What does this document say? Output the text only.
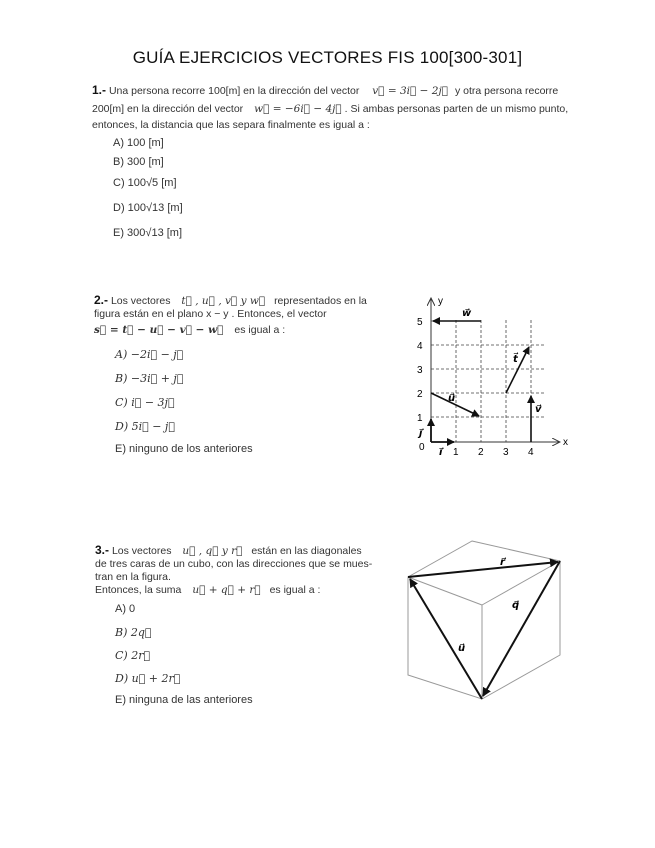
GUÍA EJERCICIOS VECTORES FIS 100[300-301]
1.- Una persona recorre 100[m] en la dirección del vector v⃗ = 3i⃗ − 2j⃗ y otra persona recorre
200[m] en la dirección del vector w⃗ = −6i⃗ − 4j⃗ . Si ambas personas parten de un mismo punto,
entonces, la distancia que las separa finalmente es igual a :
A) 100 [m]
B) 300 [m]
C) 100√5 [m]
D) 100√13 [m]
E) 300√13 [m]
2.- Los vectores t⃗ , u⃗ , v⃗ y w⃗ representados en la
figura están en el plano x − y . Entonces, el vector
s⃗ = t⃗ − u⃗ − v⃗ − w⃗ es igual a :
A) −2i⃗ − j⃗
B) −3i⃗ + j⃗
C) i⃗ − 3j⃗
D) 5i⃗ − j⃗
E) ninguno de los anteriores
y
x
5
4
3
2
1
0	1 2 3 4
w⃗
t⃗
u⃗
v⃗
i⃗
j⃗
3.- Los vectores u⃗ , q⃗ y r⃗ están en las diagonales
de tres caras de un cubo, con las direcciones que se mues-
tran en la figura.
Entonces, la suma u⃗ + q⃗ + r⃗ es igual a :
A) 0
B) 2q⃗
C) 2r⃗
D) u⃗ + 2r⃗
E) ninguna de las anteriores
r⃗
q⃗
u⃗
